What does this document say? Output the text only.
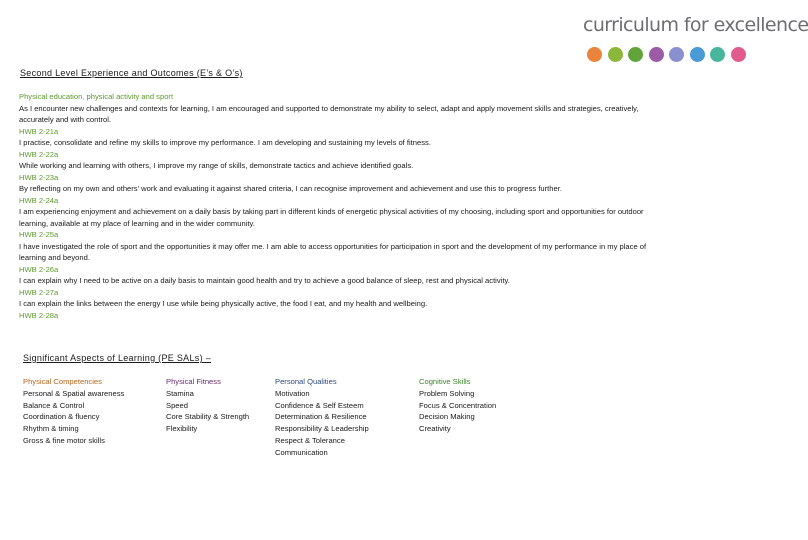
curriculum for excellence
Second Level Experience and Outcomes (E’s & O’s)

Physical education, physical activity and sport

As I encounter new challenges and contexts for learning, I am encouraged and supported to demonstrate my ability to select, adapt and apply movement skills and strategies, creatively, accurately and with control.

HWB 2-21a

I practise, consolidate and refine my skills to improve my performance. I am developing and sustaining my levels of fitness.

HWB 2-22a

While working and learning with others, I improve my range of skills, demonstrate tactics and achieve identified goals.

HWB 2-23a

By reflecting on my own and others’ work and evaluating it against shared criteria, I can recognise improvement and achievement and use this to progress further.

HWB 2-24a

I am experiencing enjoyment and achievement on a daily basis by taking part in different kinds of energetic physical activities of my choosing, including sport and opportunities for outdoor learning, available at my place of learning and in the wider community.

HWB 2-25a

I have investigated the role of sport and the opportunities it may offer me. I am able to access opportunities for participation in sport and the development of my performance in my place of learning and beyond.

HWB 2-26a

I can explain why I need to be active on a daily basis to maintain good health and try to achieve a good balance of sleep, rest and physical activity.

HWB 2-27a

I can explain the links between the energy I use while being physically active, the food I eat, and my health and wellbeing.

HWB 2-28a

Significant Aspects of Learning (PE SALs) –
Physical Competencies
Personal & Spatial awareness
Balance & Control
Coordination & fluency
Rhythm & timing
Gross & fine motor skills
Physical Fitness
Stamina
Speed
Core Stability & Strength
Flexibility
Personal Qualities
Motivation
Confidence & Self Esteem
Determination & Resilience
Responsibility & Leadership
Respect & Tolerance
Communication
Cognitive Skills
Problem Solving
Focus & Concentration
Decision Making
Creativity
